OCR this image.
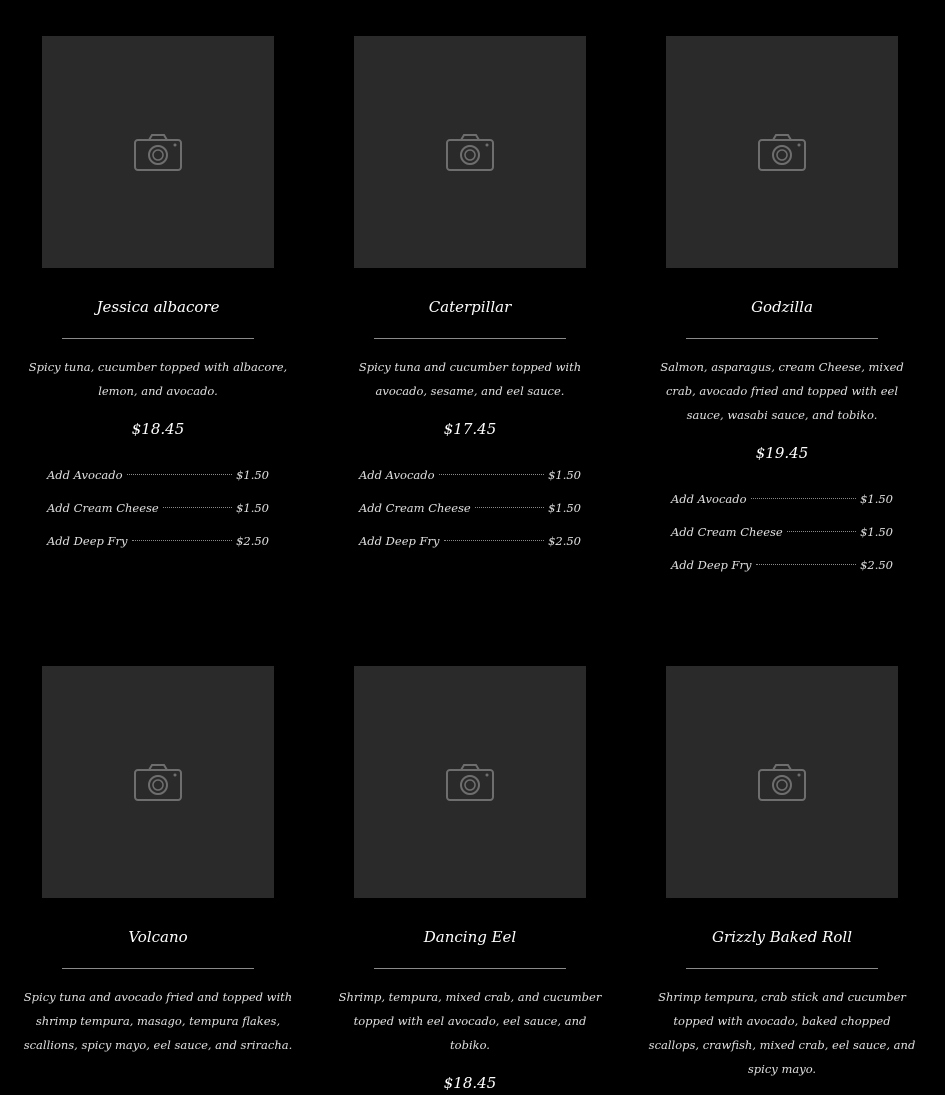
Jessica albacore
Spicy tuna, cucumber topped with albacore, lemon, and avocado.
$18.45
Add Avocado	$1.50
Add Cream Cheese	$1.50
Add Deep Fry	$2.50
Caterpillar
Spicy tuna and cucumber topped with avocado, sesame, and eel sauce.
$17.45
Add Avocado	$1.50
Add Cream Cheese	$1.50
Add Deep Fry	$2.50
Godzilla
Salmon, asparagus, cream Cheese, mixed crab, avocado fried and topped with eel sauce, wasabi sauce, and tobiko.
$19.45
Add Avocado	$1.50
Add Cream Cheese	$1.50
Add Deep Fry	$2.50
Volcano
Spicy tuna and avocado fried and topped with shrimp tempura, masago, tempura flakes, scallions, spicy mayo, eel sauce, and sriracha.
Dancing Eel
Shrimp, tempura, mixed crab, and cucumber topped with eel avocado, eel sauce, and tobiko.
$18.45
Grizzly Baked Roll
Shrimp tempura, crab stick and cucumber topped with avocado, baked chopped scallops, crawfish, mixed crab, eel sauce, and spicy mayo.
